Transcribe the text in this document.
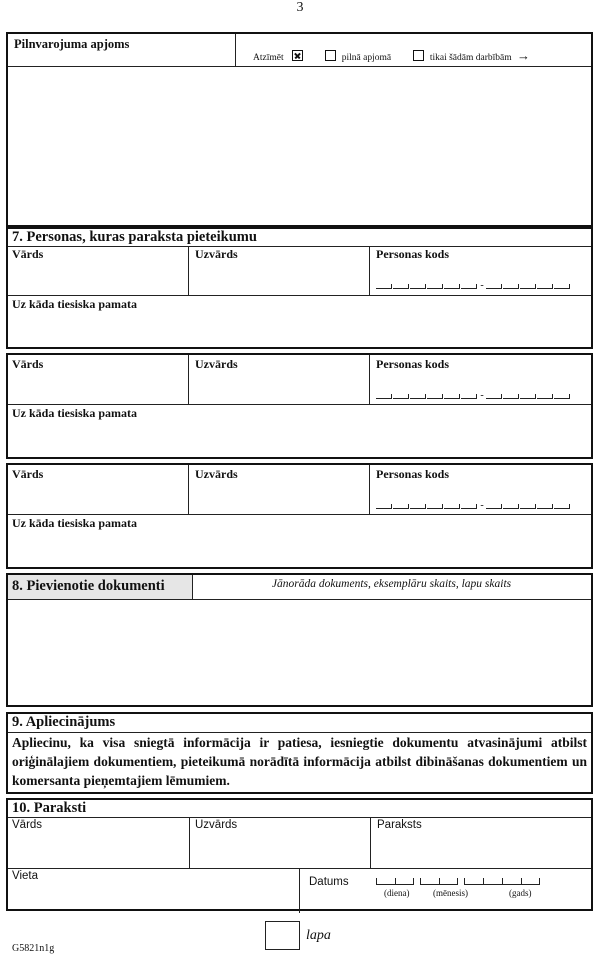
3
Pilnvarojuma apjoms
Atzīmēt	pilnā apjomā	tikai šādām darbībām →
7. Personas, kuras paraksta pieteikumu
Vārds	Uzvārds	Personas kods
-
Uz kāda tiesiska pamata
Vārds	Uzvārds	Personas kods
-
Uz kāda tiesiska pamata
Vārds	Uzvārds	Personas kods
-
Uz kāda tiesiska pamata
8. Pievienotie dokumenti	Jānorāda dokuments, eksemplāru skaits, lapu skaits
9. Apliecinājums
Apliecinu, ka visa sniegtā informācija ir patiesa, iesniegtie dokumentu atvasinājumi atbilst oriģinālajiem dokumentiem, pieteikumā norādītā informācija atbilst dibināšanas dokumentiem un komersanta pieņemtajiem lēmumiem.
10. Paraksti
Vārds	Uzvārds	Paraksts
Vieta	Datums
(diena)	(mēnesis)	(gads)
lapa
G5821n1g
